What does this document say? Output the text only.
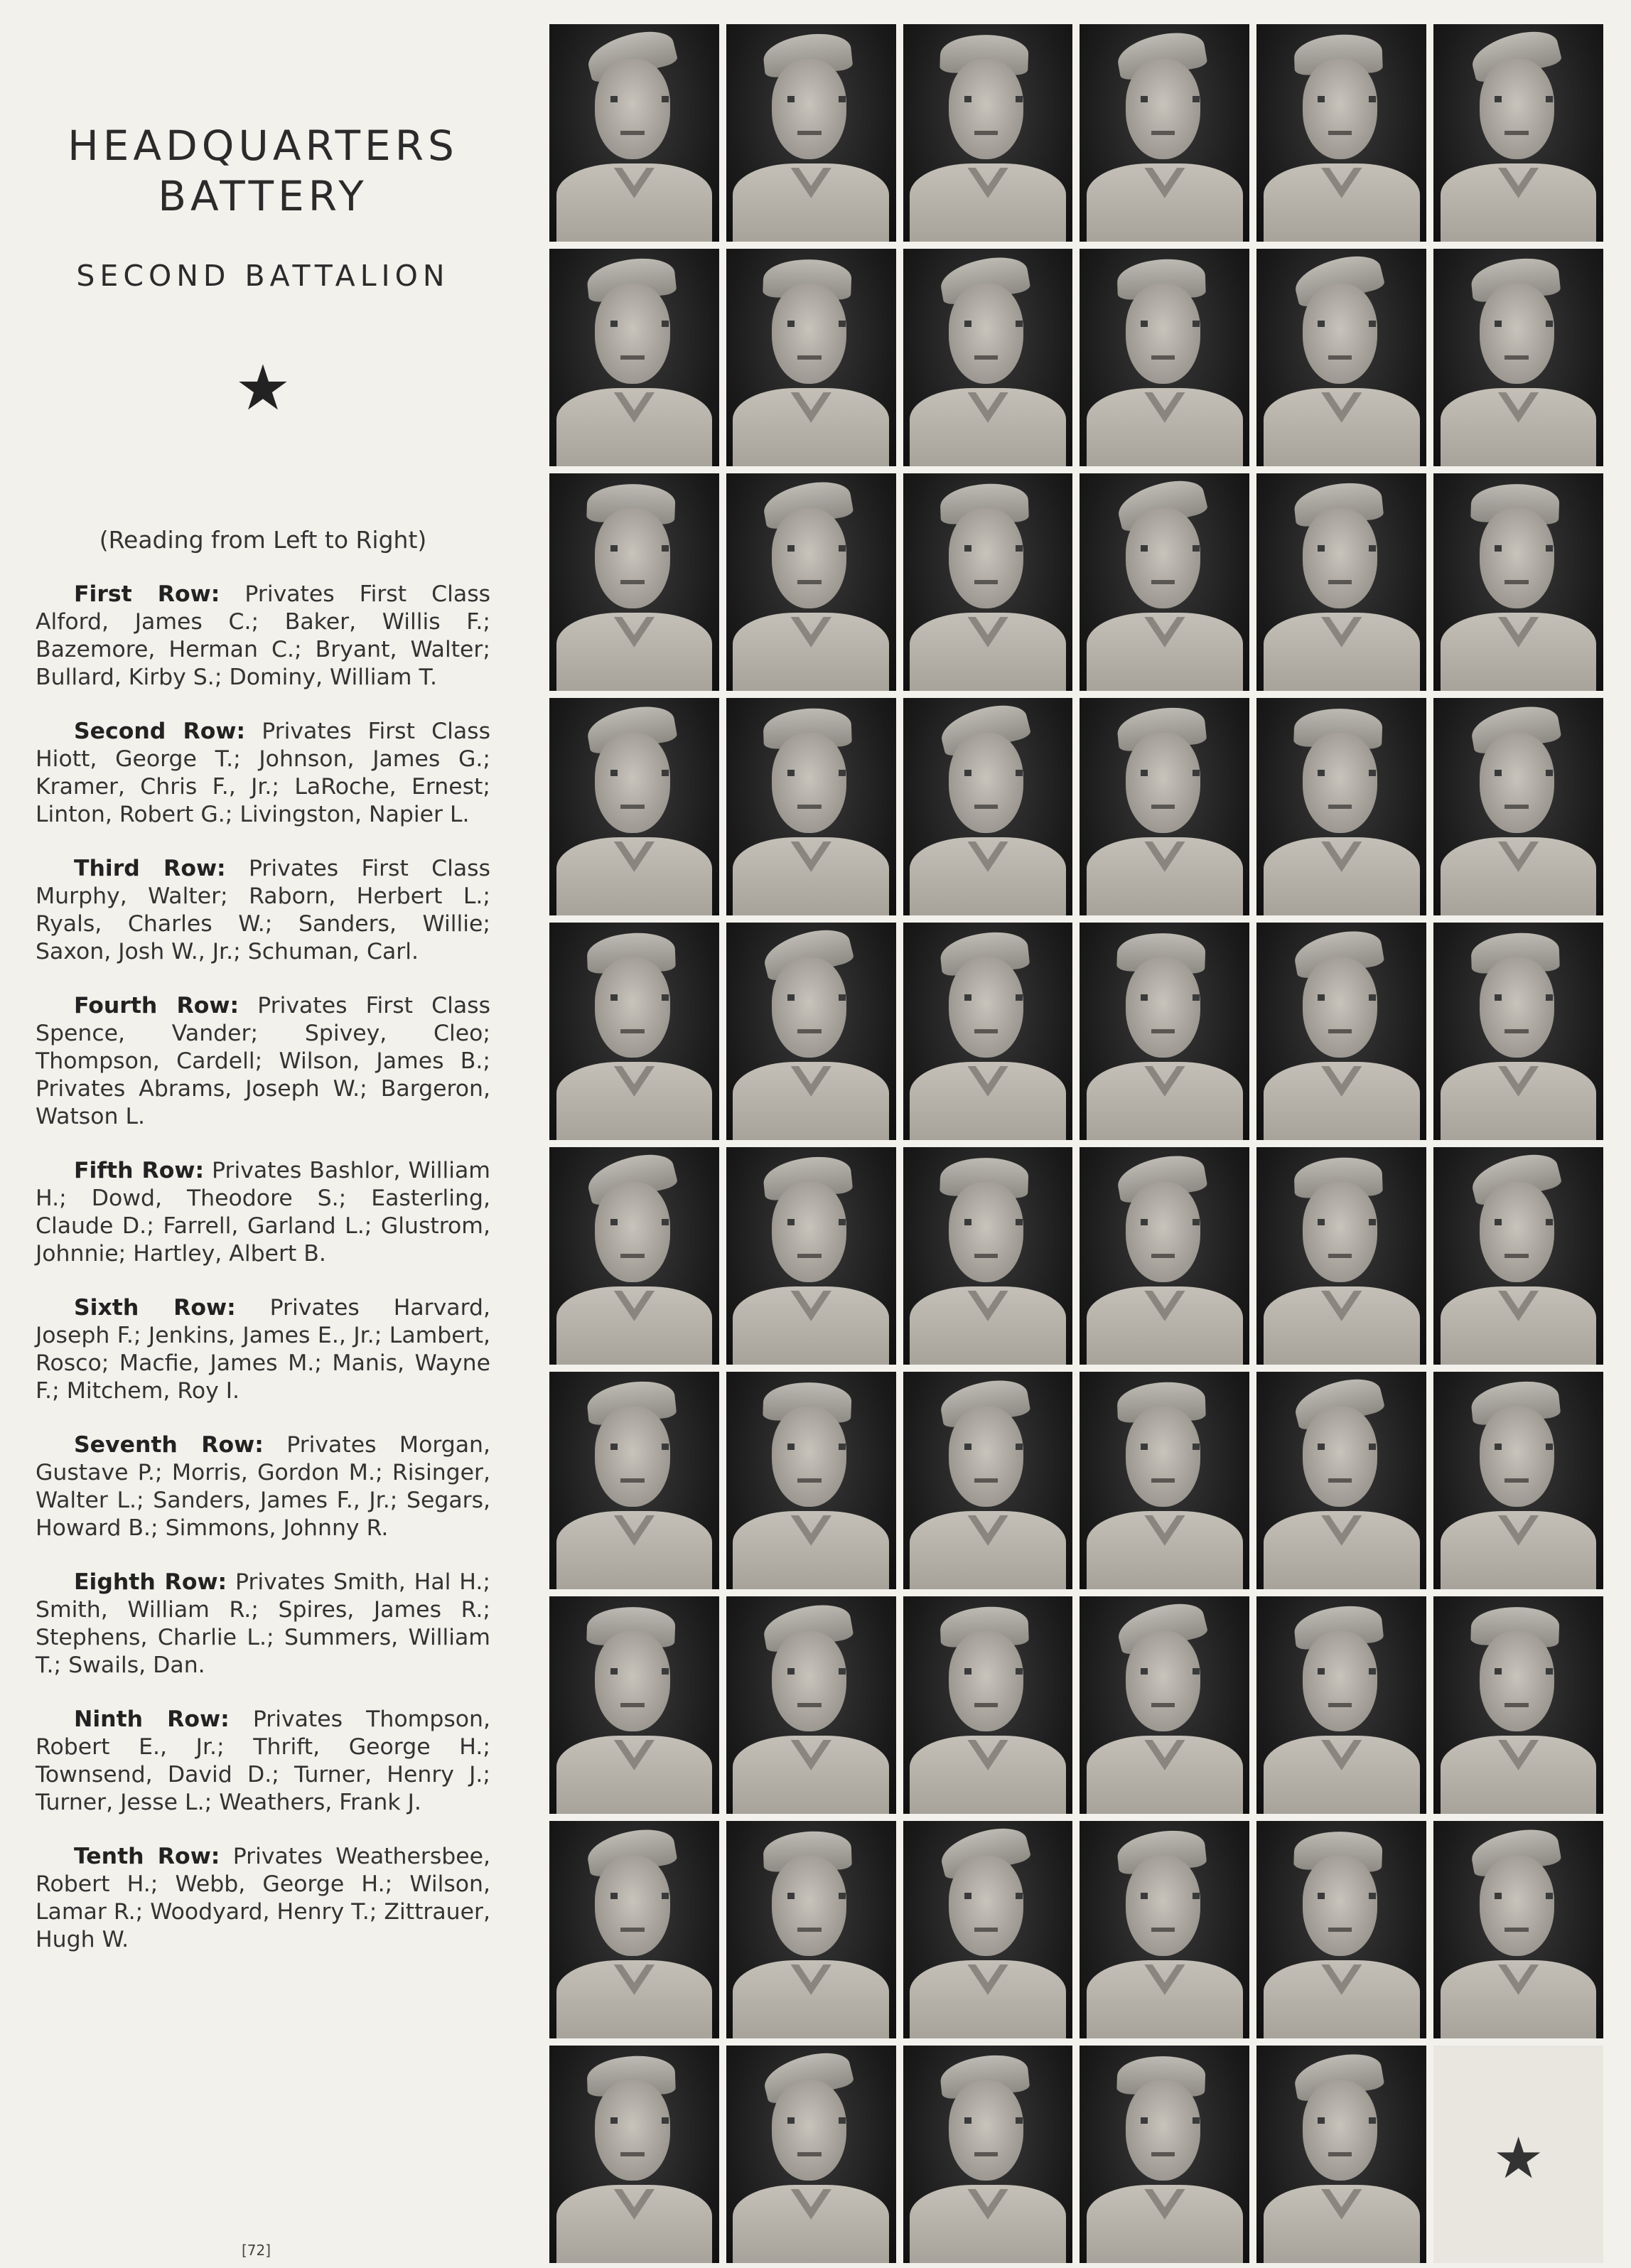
HEADQUARTERS
BATTERY
SECOND BATTALION
★
(Reading from Left to Right)

First Row: Privates First Class Alford, James C.; Baker, Willis F.; Bazemore, Herman C.; Bryant, Walter; Bullard, Kirby S.; Dominy, William T.

Second Row: Privates First Class Hiott, George T.; Johnson, James G.; Kramer, Chris F., Jr.; LaRoche, Ernest; Linton, Robert G.; Livingston, Napier L.

Third Row: Privates First Class Murphy, Walter; Raborn, Herbert L.; Ryals, Charles W.; Sanders, Willie; Saxon, Josh W., Jr.; Schuman, Carl.

Fourth Row: Privates First Class Spence, Vander; Spivey, Cleo; Thompson, Cardell; Wilson, James B.; Privates Abrams, Joseph W.; Bargeron, Watson L.

Fifth Row: Privates Bashlor, William H.; Dowd, Theodore S.; Easterling, Claude D.; Farrell, Garland L.; Glustrom, Johnnie; Hartley, Albert B.

Sixth Row: Privates Harvard, Joseph F.; Jenkins, James E., Jr.; Lambert, Rosco; Macfie, James M.; Manis, Wayne F.; Mitchem, Roy I.

Seventh Row: Privates Morgan, Gustave P.; Morris, Gordon M.; Risinger, Walter L.; Sanders, James F., Jr.; Segars, Howard B.; Simmons, Johnny R.

Eighth Row: Privates Smith, Hal H.; Smith, William R.; Spires, James R.; Stephens, Charlie L.; Summers, William T.; Swails, Dan.

Ninth Row: Privates Thompson, Robert E., Jr.; Thrift, George H.; Townsend, David D.; Turner, Henry J.; Turner, Jesse L.; Weathers, Frank J.

Tenth Row: Privates Weathersbee, Robert H.; Webb, George H.; Wilson, Lamar R.; Woodyard, Henry T.; Zittrauer, Hugh W.

[72]
★
